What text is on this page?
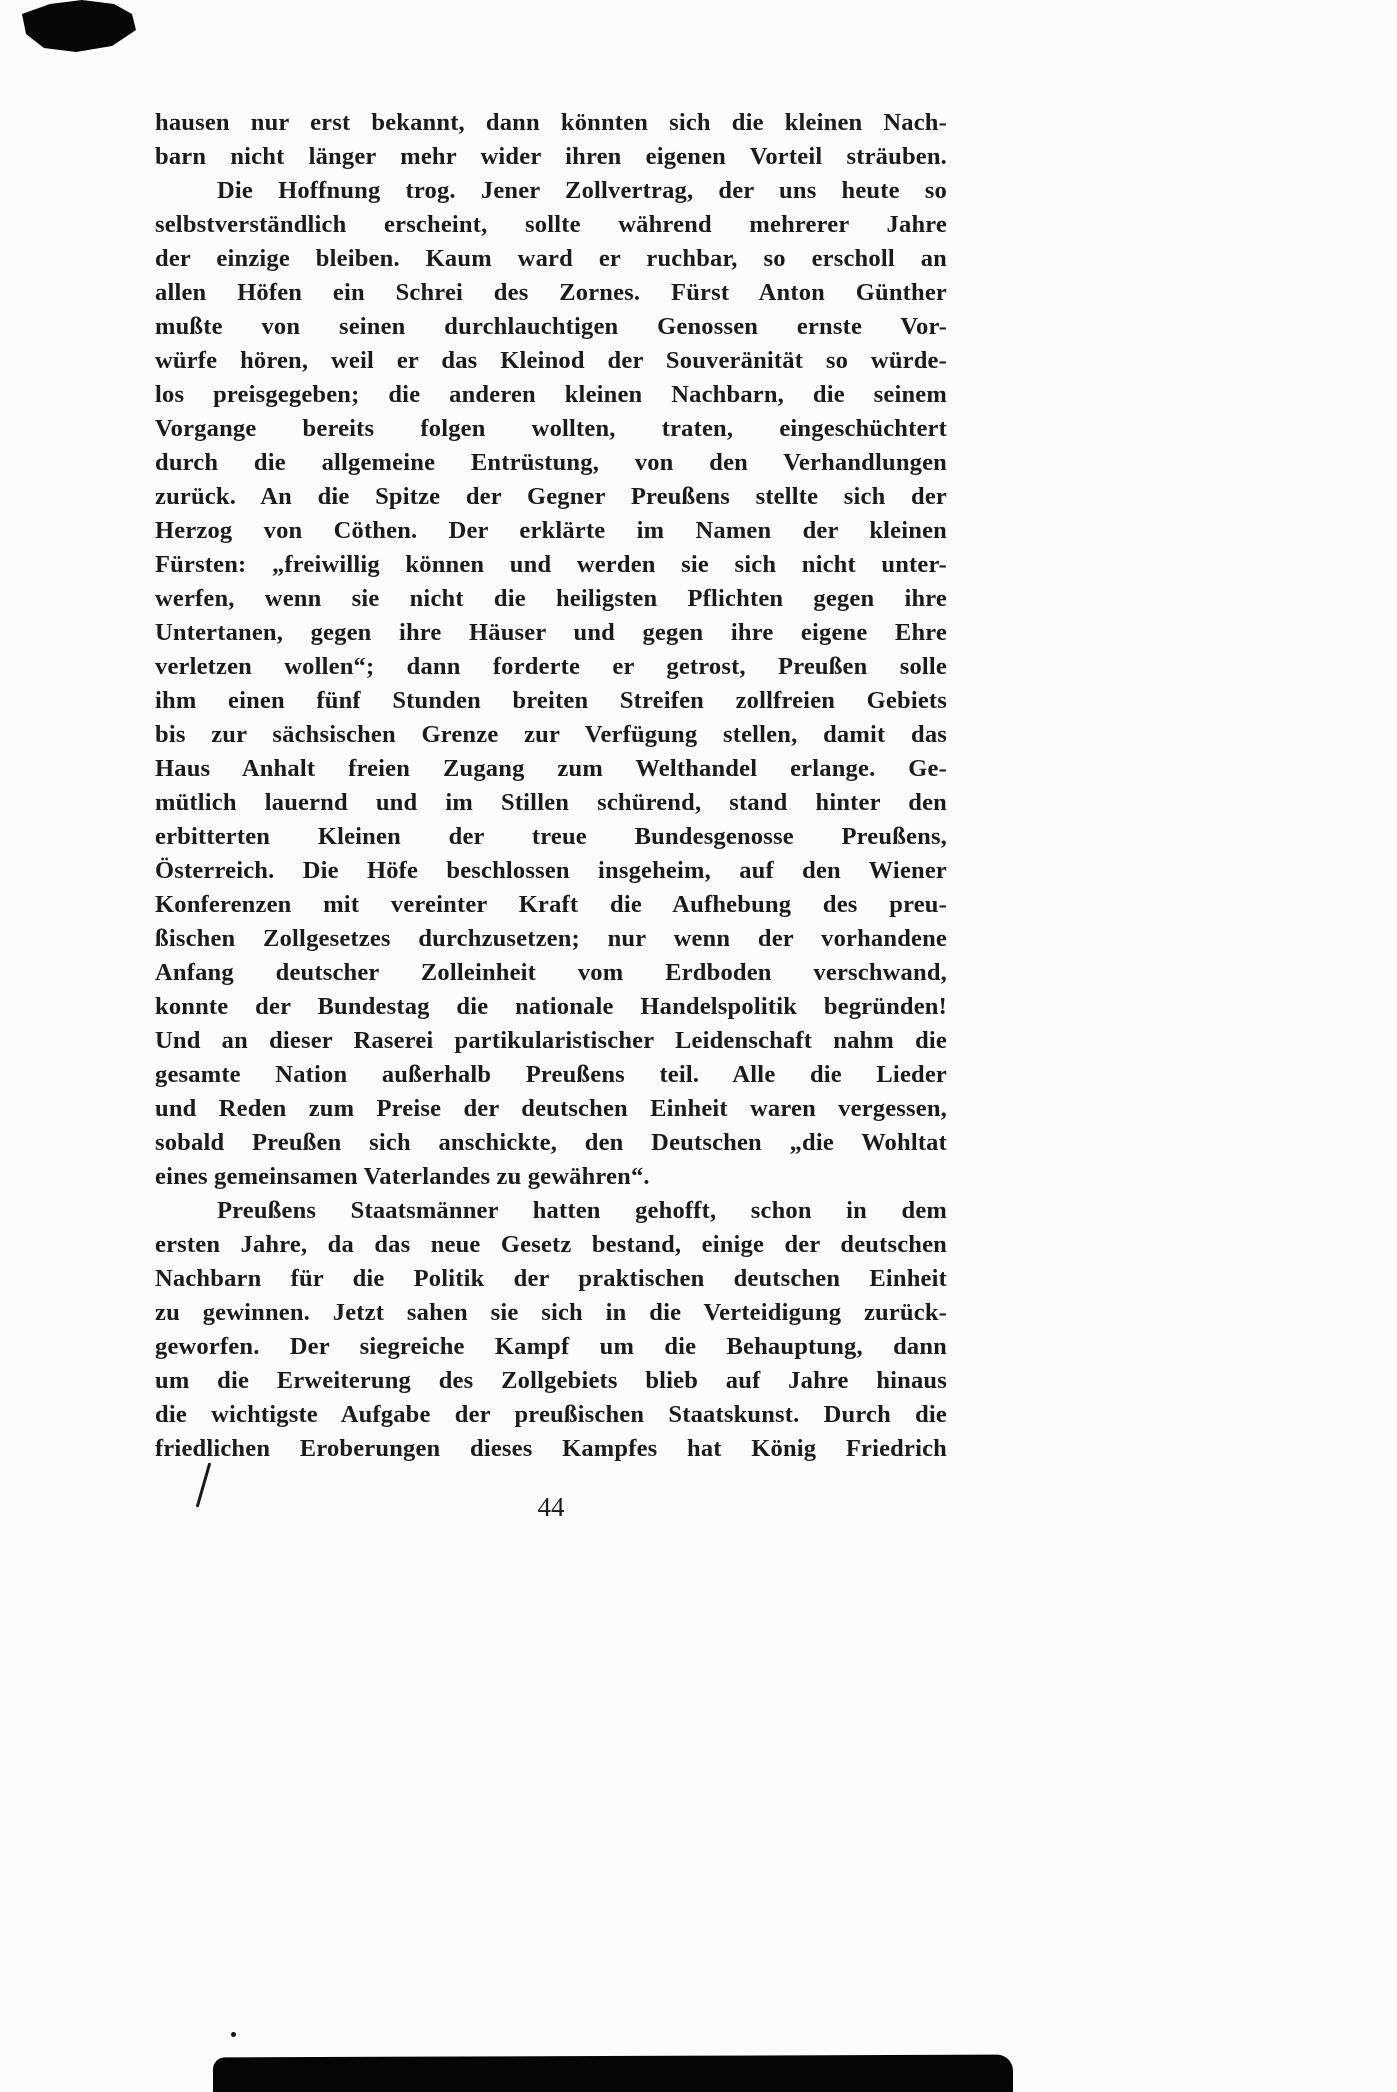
hausen nur erst bekannt, dann könnten sich die kleinen Nach-
barn nicht länger mehr wider ihren eigenen Vorteil sträuben.
Die Hoffnung trog. Jener Zollvertrag, der uns heute so
selbstverständlich erscheint, sollte während mehrerer Jahre
der einzige bleiben. Kaum ward er ruchbar, so erscholl an
allen Höfen ein Schrei des Zornes. Fürst Anton Günther
mußte von seinen durchlauchtigen Genossen ernste Vor-
würfe hören, weil er das Kleinod der Souveränität so würde-
los preisgegeben; die anderen kleinen Nachbarn, die seinem
Vorgange bereits folgen wollten, traten, eingeschüchtert
durch die allgemeine Entrüstung, von den Verhandlungen
zurück. An die Spitze der Gegner Preußens stellte sich der
Herzog von Cöthen. Der erklärte im Namen der kleinen
Fürsten: „freiwillig können und werden sie sich nicht unter-
werfen, wenn sie nicht die heiligsten Pflichten gegen ihre
Untertanen, gegen ihre Häuser und gegen ihre eigene Ehre
verletzen wollen“; dann forderte er getrost, Preußen solle
ihm einen fünf Stunden breiten Streifen zollfreien Gebiets
bis zur sächsischen Grenze zur Verfügung stellen, damit das
Haus Anhalt freien Zugang zum Welthandel erlange. Ge-
mütlich lauernd und im Stillen schürend, stand hinter den
erbitterten Kleinen der treue Bundesgenosse Preußens,
Österreich. Die Höfe beschlossen insgeheim, auf den Wiener
Konferenzen mit vereinter Kraft die Aufhebung des preu-
ßischen Zollgesetzes durchzusetzen; nur wenn der vorhandene
Anfang deutscher Zolleinheit vom Erdboden verschwand,
konnte der Bundestag die nationale Handelspolitik begründen!
Und an dieser Raserei partikularistischer Leidenschaft nahm die
gesamte Nation außerhalb Preußens teil. Alle die Lieder
und Reden zum Preise der deutschen Einheit waren vergessen,
sobald Preußen sich anschickte, den Deutschen „die Wohltat
eines gemeinsamen Vaterlandes zu gewähren“.
Preußens Staatsmänner hatten gehofft, schon in dem
ersten Jahre, da das neue Gesetz bestand, einige der deutschen
Nachbarn für die Politik der praktischen deutschen Einheit
zu gewinnen. Jetzt sahen sie sich in die Verteidigung zurück-
geworfen. Der siegreiche Kampf um die Behauptung, dann
um die Erweiterung des Zollgebiets blieb auf Jahre hinaus
die wichtigste Aufgabe der preußischen Staatskunst. Durch die
friedlichen Eroberungen dieses Kampfes hat König Friedrich
44
